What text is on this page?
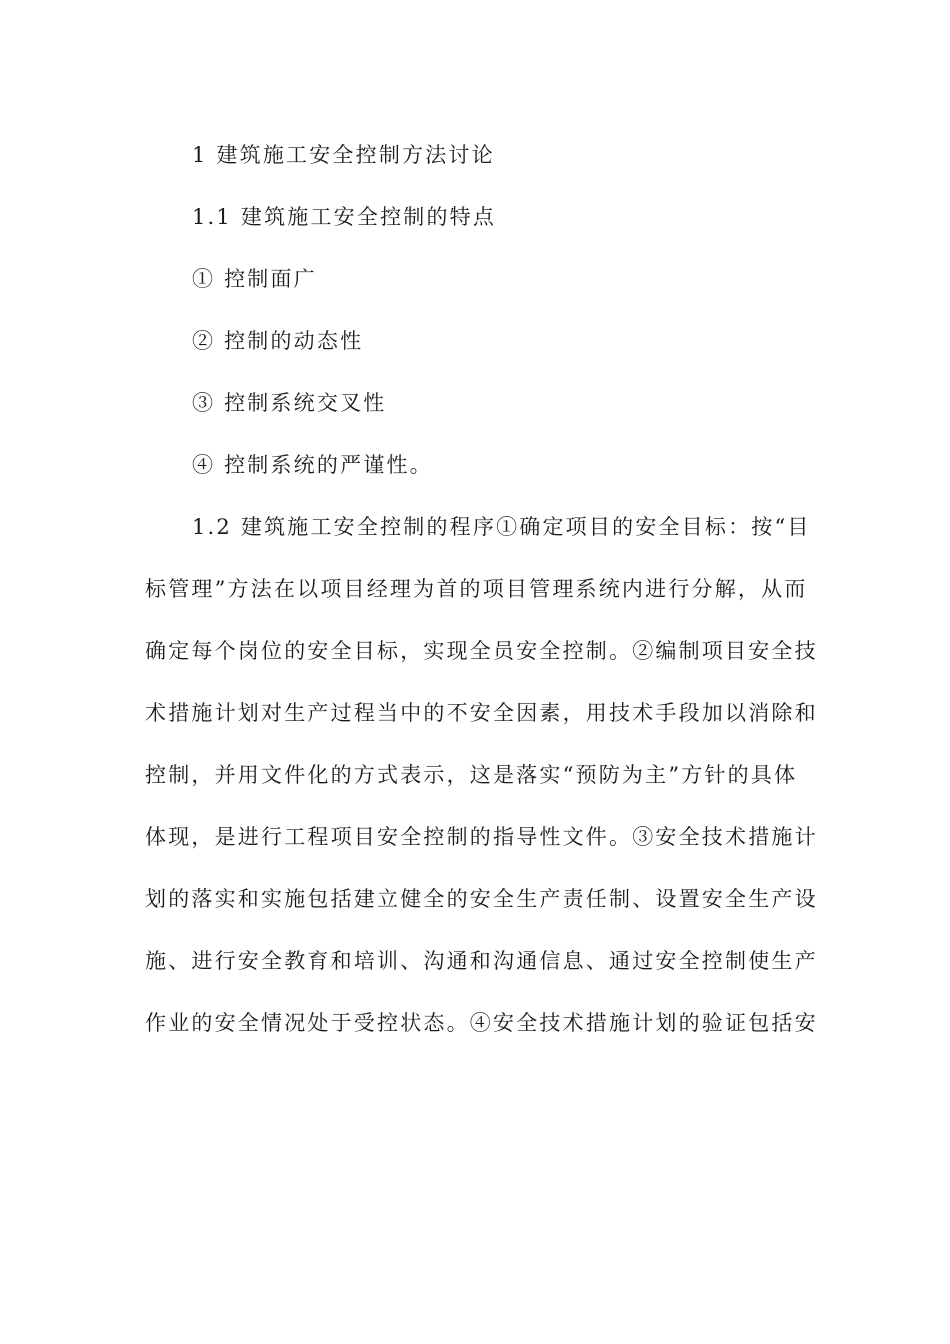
1 建筑施工安全控制方法讨论
1.1 建筑施工安全控制的特点
① 控制面广
② 控制的动态性
③ 控制系统交叉性
④ 控制系统的严谨性。
1.2 建筑施工安全控制的程序①确定项目的安全目标：按“目
标管理”方法在以项目经理为首的项目管理系统内进行分解，从而
确定每个岗位的安全目标，实现全员安全控制。②编制项目安全技
术措施计划对生产过程当中的不安全因素，用技术手段加以消除和
控制，并用文件化的方式表示，这是落实“预防为主”方针的具体
体现，是进行工程项目安全控制的指导性文件。③安全技术措施计
划的落实和实施包括建立健全的安全生产责任制、设置安全生产设
施、进行安全教育和培训、沟通和沟通信息、通过安全控制使生产
作业的安全情况处于受控状态。④安全技术措施计划的验证包括安
